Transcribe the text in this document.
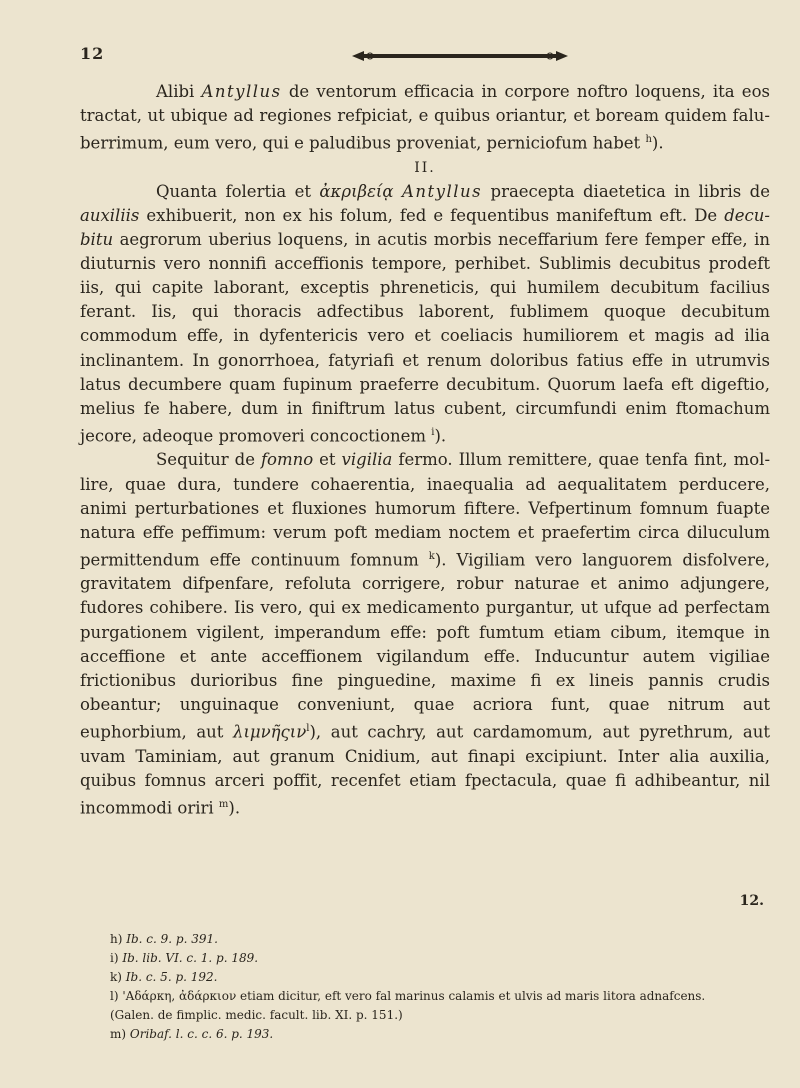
12

Alibi Antyllus de ventorum efficacia in corpore noftro loquens, ita eos tractat, ut ubique ad regiones refpiciat, e quibus oriantur, et boream quidem faluberrimum, eum vero, qui e paludibus proveniat, perniciofum habet $^h$).

II.

Quanta folertia et ἀκριβείᾳ Antyllus praecepta diaetetica in libris de auxiliis exhibuerit, non ex his folum, fed e fequentibus manifeftum eft. De decubitu aegrorum uberius loquens, in acutis morbis neceffarium fere femper effe, in diuturnis vero nonnifi acceffionis tempore, perhibet. Sublimis decubitus prodeft iis, qui capite laborant, exceptis phreneticis, qui humilem decubitum facilius ferant. Iis, qui thoracis adfectibus laborent, fublimem quoque decubitum commodum effe, in dyfentericis vero et coeliacis humiliorem et magis ad ilia inclinantem. In gonorrhoea, fatyriafi et renum doloribus fatius effe in utrumvis latus decumbere quam fupinum praeferre decubitum. Quorum laefa eft digeftio, melius fe habere, dum in finiftrum latus cubent, circumfundi enim ftomachum jecore, adeoque promoveri concoctionem $^i$).

Sequitur de fomno et vigilia fermo. Illum remittere, quae tenfa fint, mollire, quae dura, tundere cohaerentia, inaequalia ad aequalitatem perducere, animi perturbationes et fluxiones humorum fiftere. Vefpertinum fomnum fuapte natura effe peffimum: verum poft mediam noctem et praefertim circa diluculum permittendum effe continuum fomnum $^k$). Vigiliam vero languorem disfolvere, gravitatem difpenfare, refoluta corrigere, robur naturae et animo adjungere, fudores cohibere. Iis vero, qui ex medicamento purgantur, ut ufque ad perfectam purgationem vigilent, imperandum effe: poft fumtum etiam cibum, itemque in acceffione et ante acceffionem vigilandum effe. Inducuntur autem vigiliae frictionibus durioribus fine pinguedine, maxime fi ex lineis pannis crudis obeantur; unguinaque conveniunt, quae acriora funt, quae nitrum aut euphorbium, aut λιμνῆςιν$^l$), aut cachry, aut cardamomum, aut pyrethrum, aut uvam Taminiam, aut granum Cnidium, aut finapi excipiunt. Inter alia auxilia, quibus fomnus arceri poffit, recenfet etiam fpectacula, quae fi adhibeantur, nil incommodi oriri $^m$).

12.

h) Ib. c. 9. p. 391.

i) Ib. lib. VI. c. 1. p. 189.

k) Ib. c. 5. p. 192.

l) 'Αδάρκη, ἀδάρκιον etiam dicitur, eft vero fal marinus calamis et ulvis ad maris litora adnafcens.

(Galen. de fimplic. medic. facult. lib. XI. p. 151.)

m) Oribaf. l. c. c. 6. p. 193.
